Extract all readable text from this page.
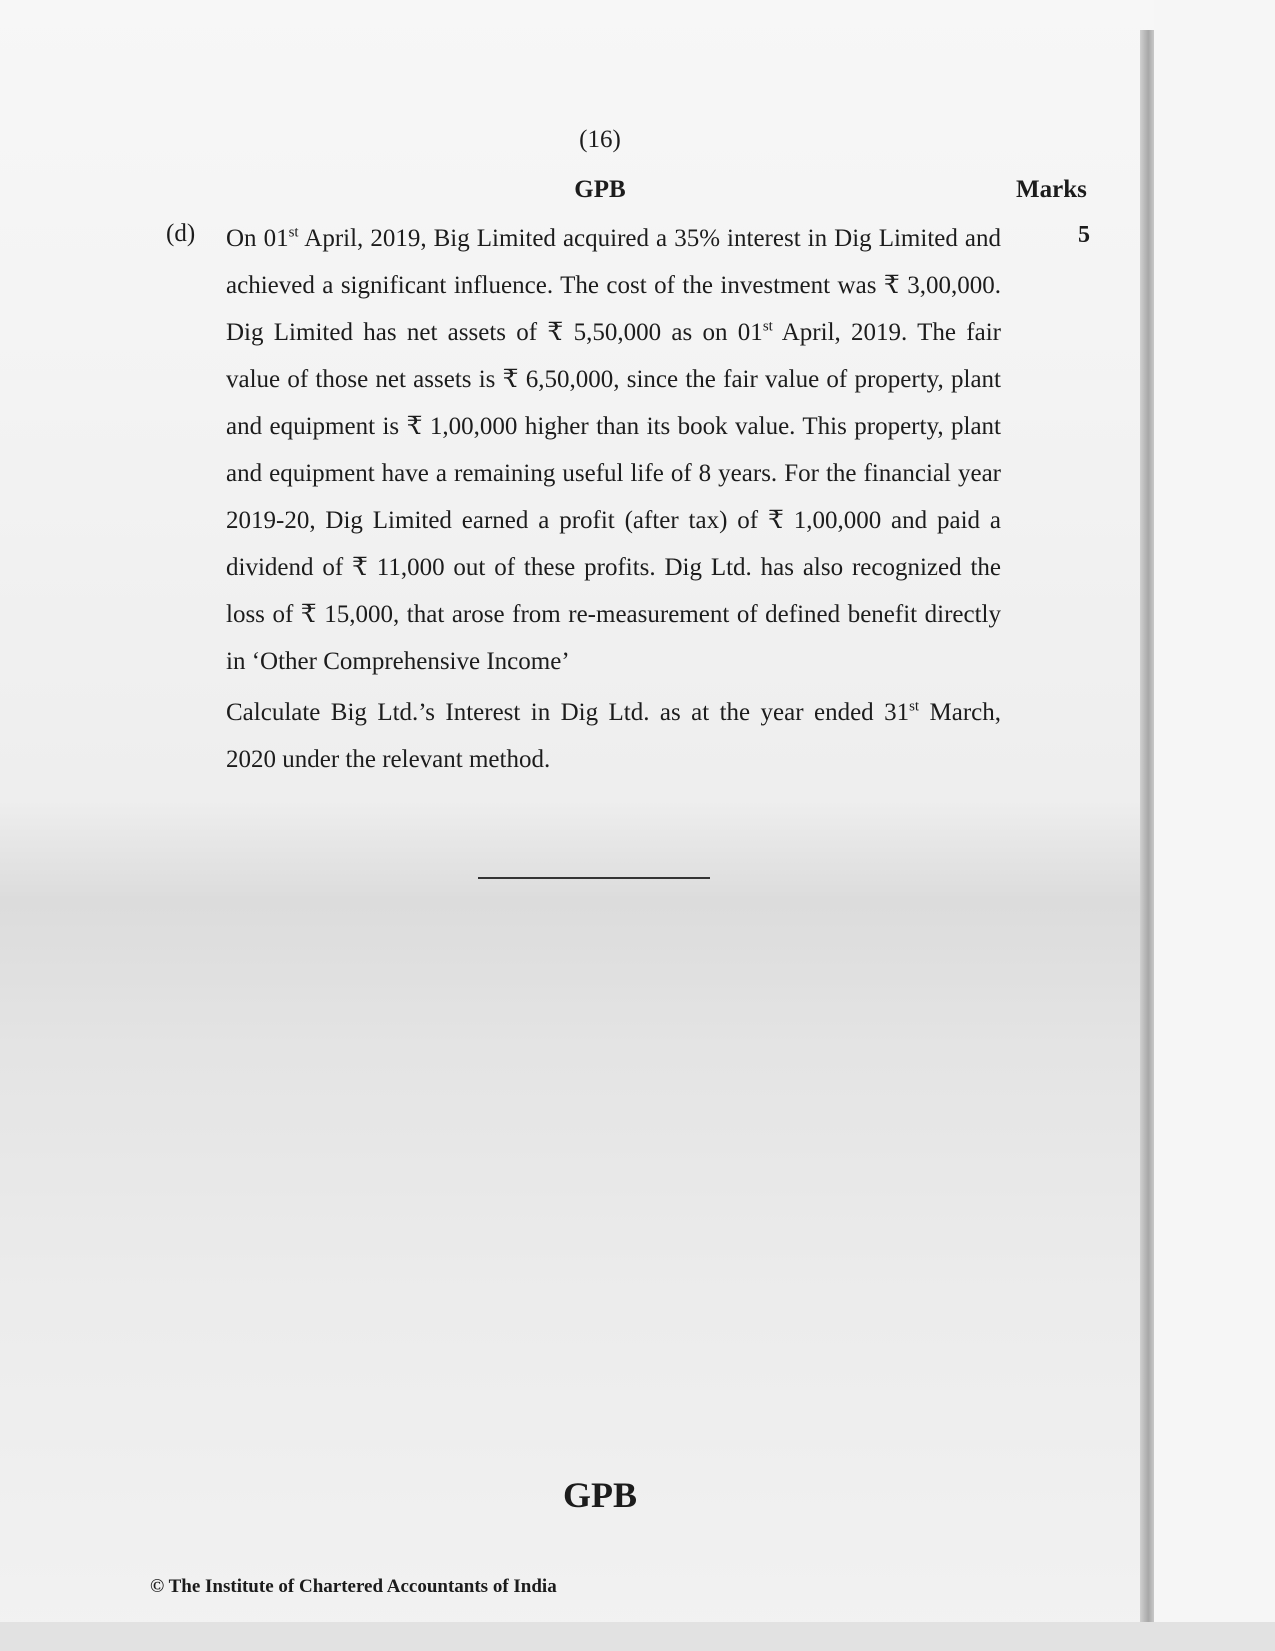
(16)
GPB	Marks
(d)	5

On 01st April, 2019, Big Limited acquired a 35% interest in Dig Limited and achieved a significant influence. The cost of the investment was ₹ 3,00,000. Dig Limited has net assets of ₹ 5,50,000 as on 01st April, 2019. The fair value of those net assets is ₹ 6,50,000, since the fair value of property, plant and equipment is ₹ 1,00,000 higher than its book value. This property, plant and equipment have a remaining useful life of 8 years. For the financial year 2019-20, Dig Limited earned a profit (after tax) of ₹ 1,00,000 and paid a dividend of ₹ 11,000 out of these profits. Dig Ltd. has also recognized the loss of ₹ 15,000, that arose from re-measurement of defined benefit directly in ‘Other Comprehensive Income’

Calculate Big Ltd.’s Interest in Dig Ltd. as at the year ended 31st March, 2020 under the relevant method.

GPB
© The Institute of Chartered Accountants of India
